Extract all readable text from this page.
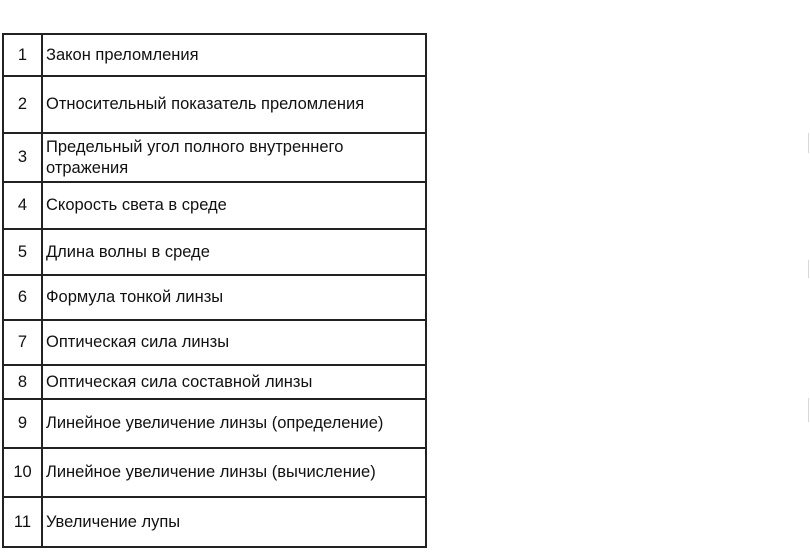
1	Закон преломления
2	Относительный показатель преломления
3	Предельный угол полного внутреннего отражения
4	Скорость света в среде
5	Длина волны в среде
6	Формула тонкой линзы
7	Оптическая сила линзы
8	Оптическая сила составной линзы
9	Линейное увеличение линзы (определение)
10	Линейное увеличение линзы (вычисление)
11	Увеличение лупы
